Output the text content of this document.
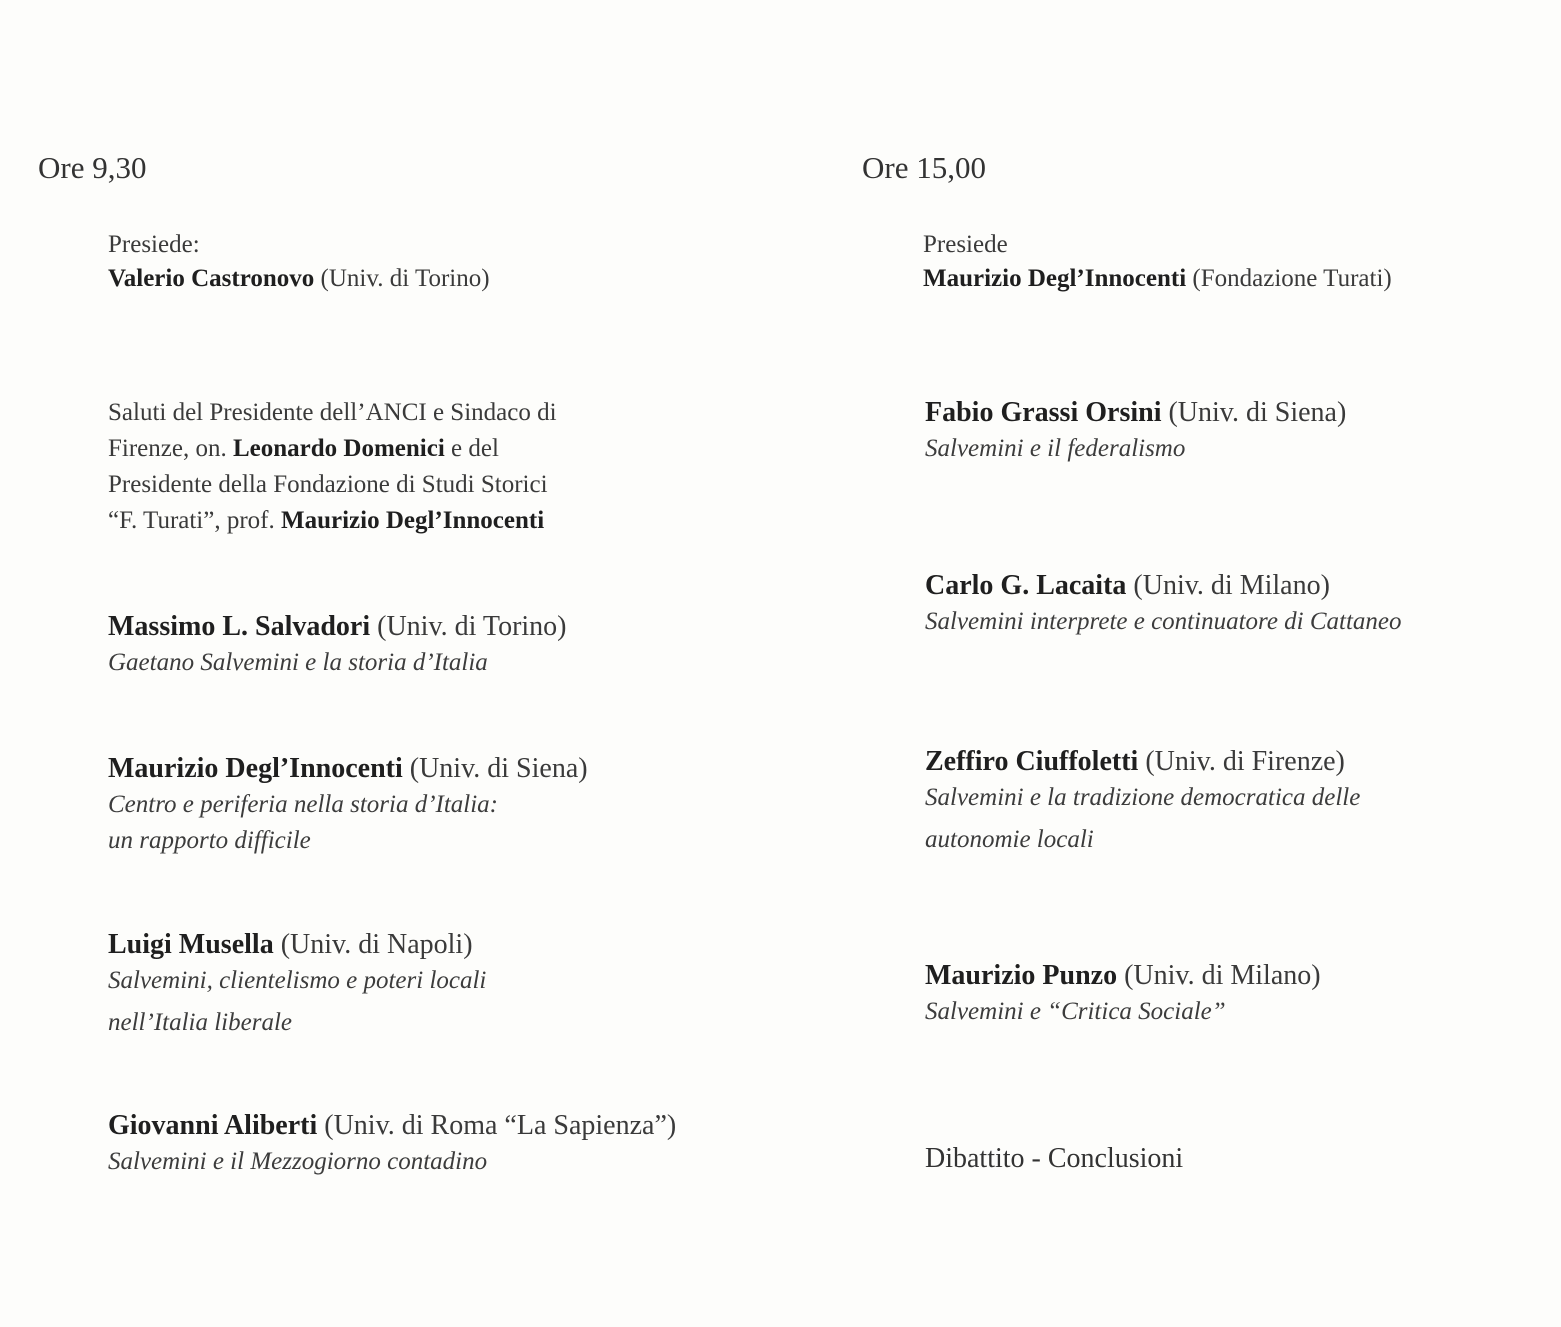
Ore 9,30
Presiede:
Valerio Castronovo (Univ. di Torino)
Saluti del Presidente dell’ANCI e Sindaco di
Firenze, on. Leonardo Domenici e del
Presidente della Fondazione di Studi Storici
“F. Turati”, prof. Maurizio Degl’Innocenti
Massimo L. Salvadori (Univ. di Torino)
Gaetano Salvemini e la storia d’Italia
Maurizio Degl’Innocenti (Univ. di Siena)
Centro e periferia nella storia d’Italia:
un rapporto difficile
Luigi Musella (Univ. di Napoli)
Salvemini, clientelismo e poteri locali
nell’Italia liberale
Giovanni Aliberti (Univ. di Roma “La Sapienza”)
Salvemini e il Mezzogiorno contadino
Ore 15,00
Presiede
Maurizio Degl’Innocenti (Fondazione Turati)
Fabio Grassi Orsini (Univ. di Siena)
Salvemini e il federalismo
Carlo G. Lacaita (Univ. di Milano)
Salvemini interprete e continuatore di Cattaneo
Zeffiro Ciuffoletti (Univ. di Firenze)
Salvemini e la tradizione democratica delle
autonomie locali
Maurizio Punzo (Univ. di Milano)
Salvemini e “Critica Sociale”
Dibattito - Conclusioni
